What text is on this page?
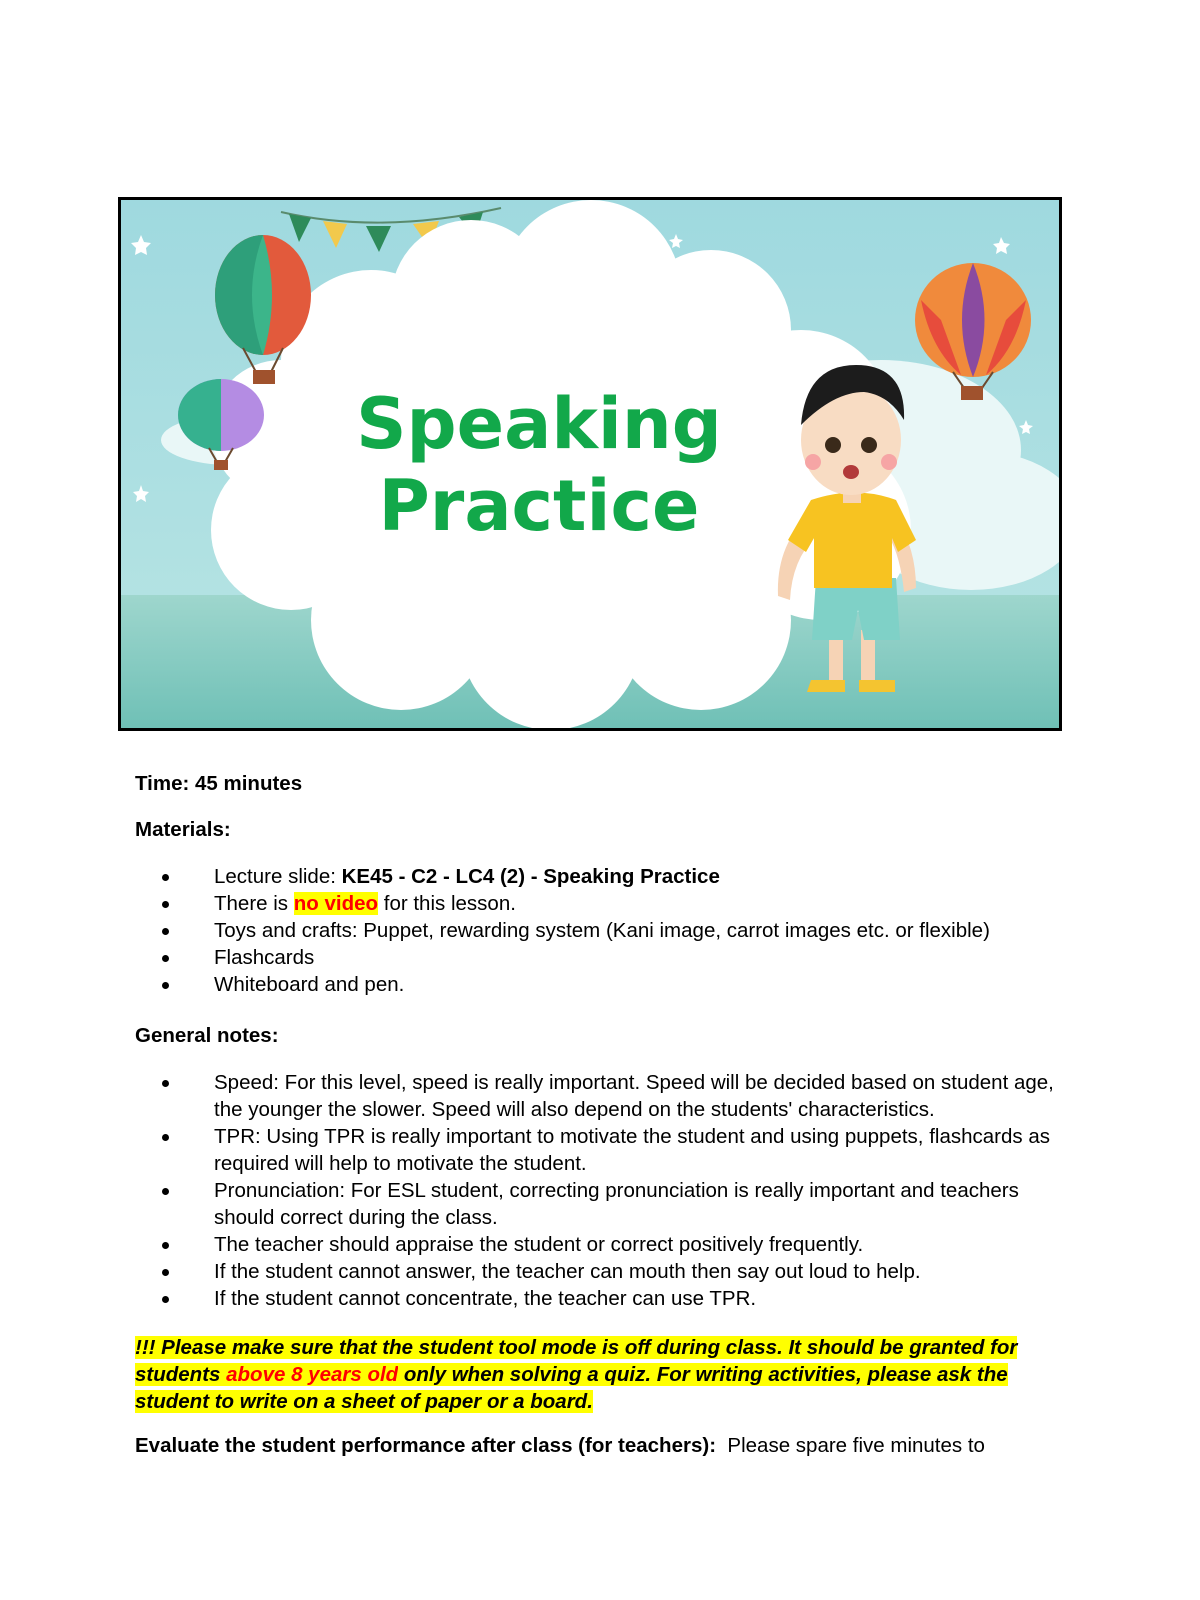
Speaking
Practice

Time: 45 minutes

Materials:

Lecture slide: KE45 - C2 - LC4 (2) - Speaking Practice
There is no video for this lesson.
Toys and crafts: Puppet, rewarding system (Kani image, carrot images etc. or flexible)
Flashcards
Whiteboard and pen.

General notes:

Speed: For this level, speed is really important. Speed will be decided based on student age, the younger the slower. Speed will also depend on the students' characteristics.
TPR: Using TPR is really important to motivate the student and using puppets, flashcards as required will help to motivate the student.
Pronunciation: For ESL student, correcting pronunciation is really important and teachers should correct during the class.
The teacher should appraise the student or correct positively frequently.
If the student cannot answer, the teacher can mouth then say out loud to help.
If the student cannot concentrate, the teacher can use TPR.

!!! Please make sure that the student tool mode is off during class. It should be granted for students above 8 years old only when solving a quiz. For writing activities, please ask the student to write on a sheet of paper or a board.

Evaluate the student performance after class (for teachers):  Please spare five minutes to
